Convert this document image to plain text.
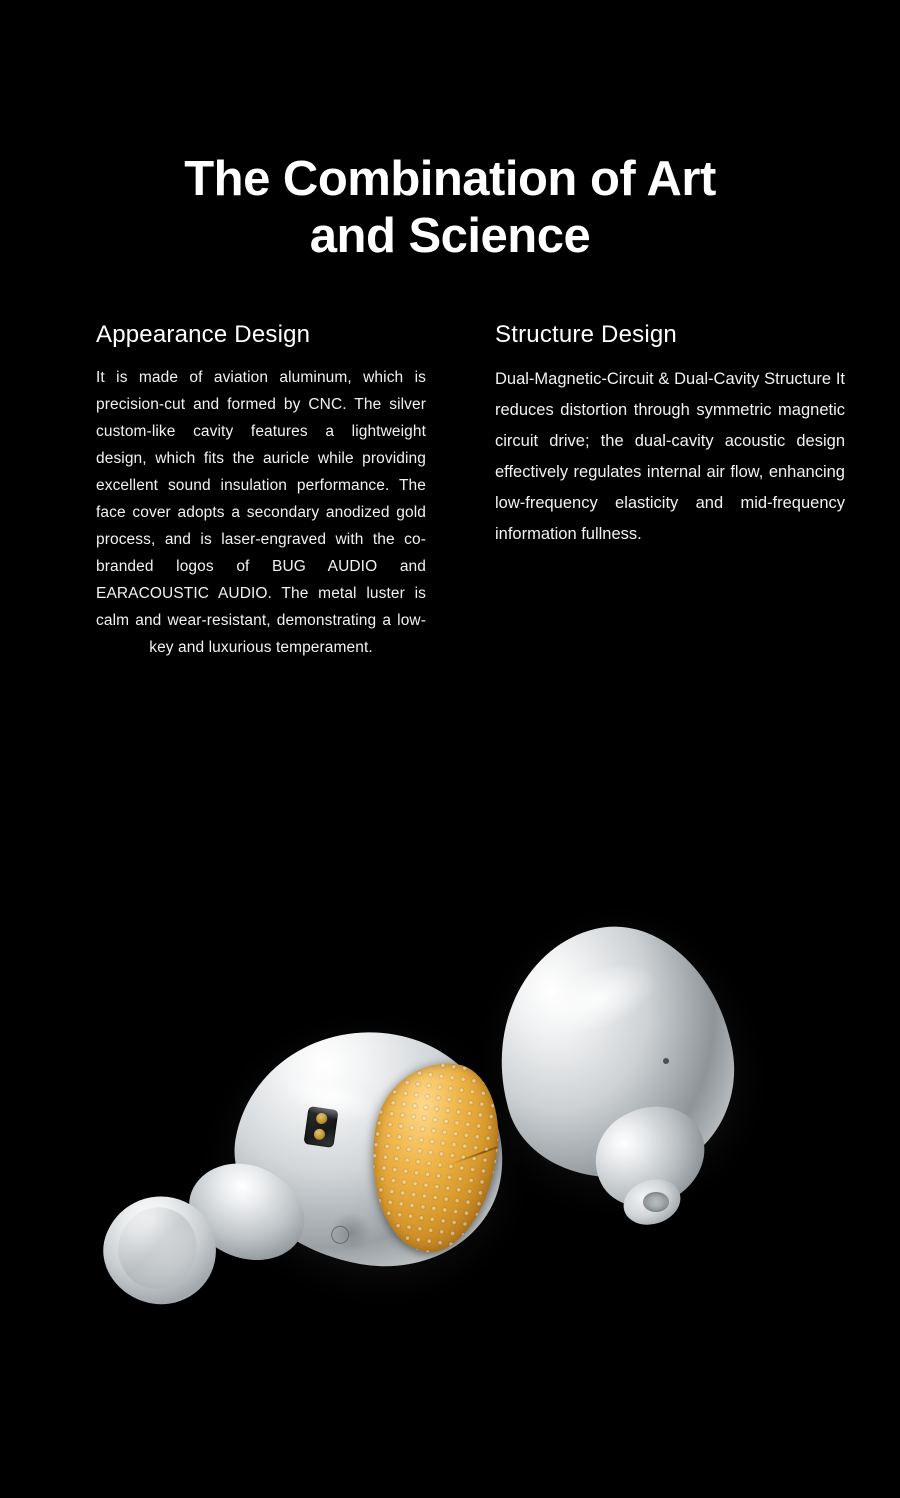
The Combination of Art
and Science
Appearance Design

It is made of aviation aluminum, which is precision-cut and formed by CNC. The silver custom-like cavity features a lightweight design, which fits the auricle while providing excellent sound insulation performance. The face cover adopts a secondary anodized gold process, and is laser-engraved with the co-branded logos of BUG AUDIO and EARACOUSTIC AUDIO. The metal luster is calm and wear-resistant, demonstrating a low-key and luxurious temperament.

Structure Design

Dual-Magnetic-Circuit & Dual-Cavity Structure It reduces distortion through symmetric magnetic circuit drive; the dual-cavity acoustic design effectively regulates internal air flow, enhancing low-frequency elasticity and mid-frequency information fullness.
